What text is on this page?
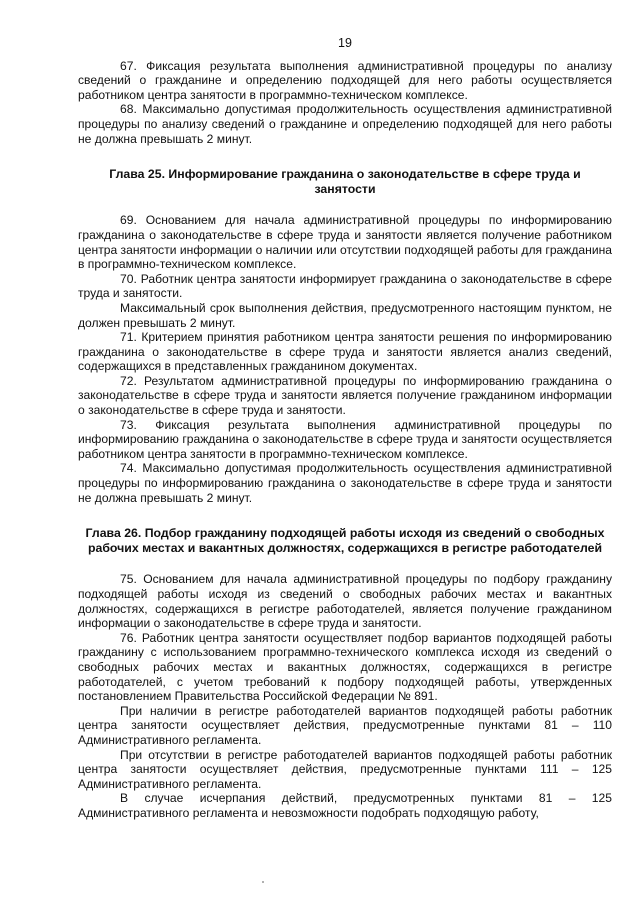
19

67. Фиксация результата выполнения административной процедуры по анализу сведений о гражданине и определению подходящей для него работы осуществляется работником центра занятости в программно-техническом комплексе.

68. Максимально допустимая продолжительность осуществления административной процедуры по анализу сведений о гражданине и определению подходящей для него работы не должна превышать 2 минут.

Глава 25. Информирование гражданина о законодательстве в сфере труда и занятости

69. Основанием для начала административной процедуры по информированию гражданина о законодательстве в сфере труда и занятости является получение работником центра занятости информации о наличии или отсутствии подходящей работы для гражданина в программно-техническом комплексе.

70. Работник центра занятости информирует гражданина о законодательстве в сфере труда и занятости.

Максимальный срок выполнения действия, предусмотренного настоящим пунктом, не должен превышать 2 минут.

71. Критерием принятия работником центра занятости решения по информированию гражданина о законодательстве в сфере труда и занятости является анализ сведений, содержащихся в представленных гражданином документах.

72. Результатом административной процедуры по информированию гражданина о законодательстве в сфере труда и занятости является получение гражданином информации о законодательстве в сфере труда и занятости.

73. Фиксация результата выполнения административной процедуры по информированию гражданина о законодательстве в сфере труда и занятости осуществляется работником центра занятости в программно-техническом комплексе.

74. Максимально допустимая продолжительность осуществления административной процедуры по информированию гражданина о законодательстве в сфере труда и занятости не должна превышать 2 минут.

Глава 26. Подбор гражданину подходящей работы исходя из сведений о свободных рабочих местах и вакантных должностях, содержащихся в регистре работодателей

75. Основанием для начала административной процедуры по подбору гражданину подходящей работы исходя из сведений о свободных рабочих местах и вакантных должностях, содержащихся в регистре работодателей, является получение гражданином информации о законодательстве в сфере труда и занятости.

76. Работник центра занятости осуществляет подбор вариантов подходящей работы гражданину с использованием программно-технического комплекса исходя из сведений о свободных рабочих местах и вакантных должностях, содержащихся в регистре работодателей, с учетом требований к подбору подходящей работы, утвержденных постановлением Правительства Российской Федерации № 891.

При наличии в регистре работодателей вариантов подходящей работы работник центра занятости осуществляет действия, предусмотренные пунктами 81 – 110 Административного регламента.

При отсутствии в регистре работодателей вариантов подходящей работы работник центра занятости осуществляет действия, предусмотренные пунктами 111 – 125 Административного регламента.

В случае исчерпания действий, предусмотренных пунктами 81 – 125 Административного регламента и невозможности подобрать подходящую работу,
